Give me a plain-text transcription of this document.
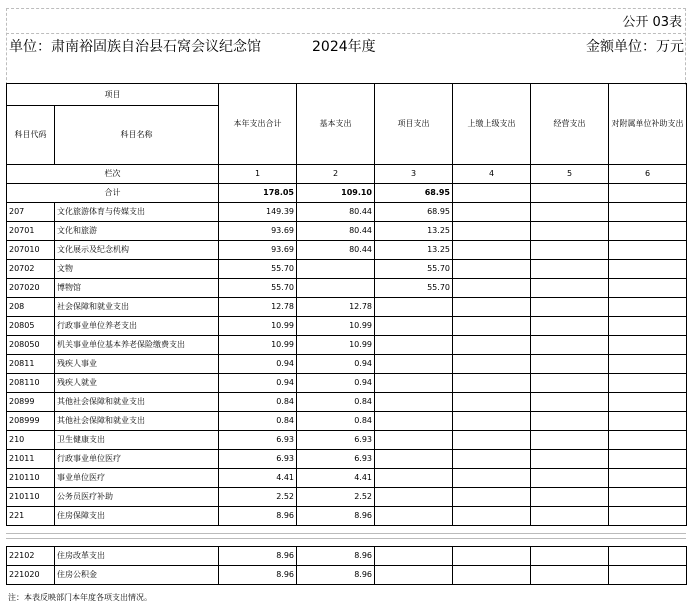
公开 03表
单位：肃南裕固族自治县石窝会议纪念馆	2024年度	金额单位：万元
项目		本年支出合计	基本支出	项目支出	上缴上级支出	经营支出	对附属单位补助支出
科目代码	科目名称						
栏次		1	2	3	4	5	6
合计		178.05	109.10	68.95			
207	文化旅游体育与传媒支出	149.39	80.44	68.95			
20701	文化和旅游	93.69	80.44	13.25			
207010	文化展示及纪念机构	93.69	80.44	13.25			
20702	文物	55.70		55.70			
207020	博物馆	55.70		55.70			
208	社会保障和就业支出	12.78	12.78				
20805	行政事业单位养老支出	10.99	10.99				
208050	机关事业单位基本养老保险缴费支出	10.99	10.99				
20811	残疾人事业	0.94	0.94				
208110	残疾人就业	0.94	0.94				
20899	其他社会保障和就业支出	0.84	0.84				
208999	其他社会保障和就业支出	0.84	0.84				
210	卫生健康支出	6.93	6.93				
21011	行政事业单位医疗	6.93	6.93				
210110	事业单位医疗	4.41	4.41				
210110	公务员医疗补助	2.52	2.52				
221	住房保障支出	8.96	8.96				
22102	住房改革支出	8.96	8.96				
221020	住房公积金	8.96	8.96				
注：本表反映部门本年度各项支出情况。
